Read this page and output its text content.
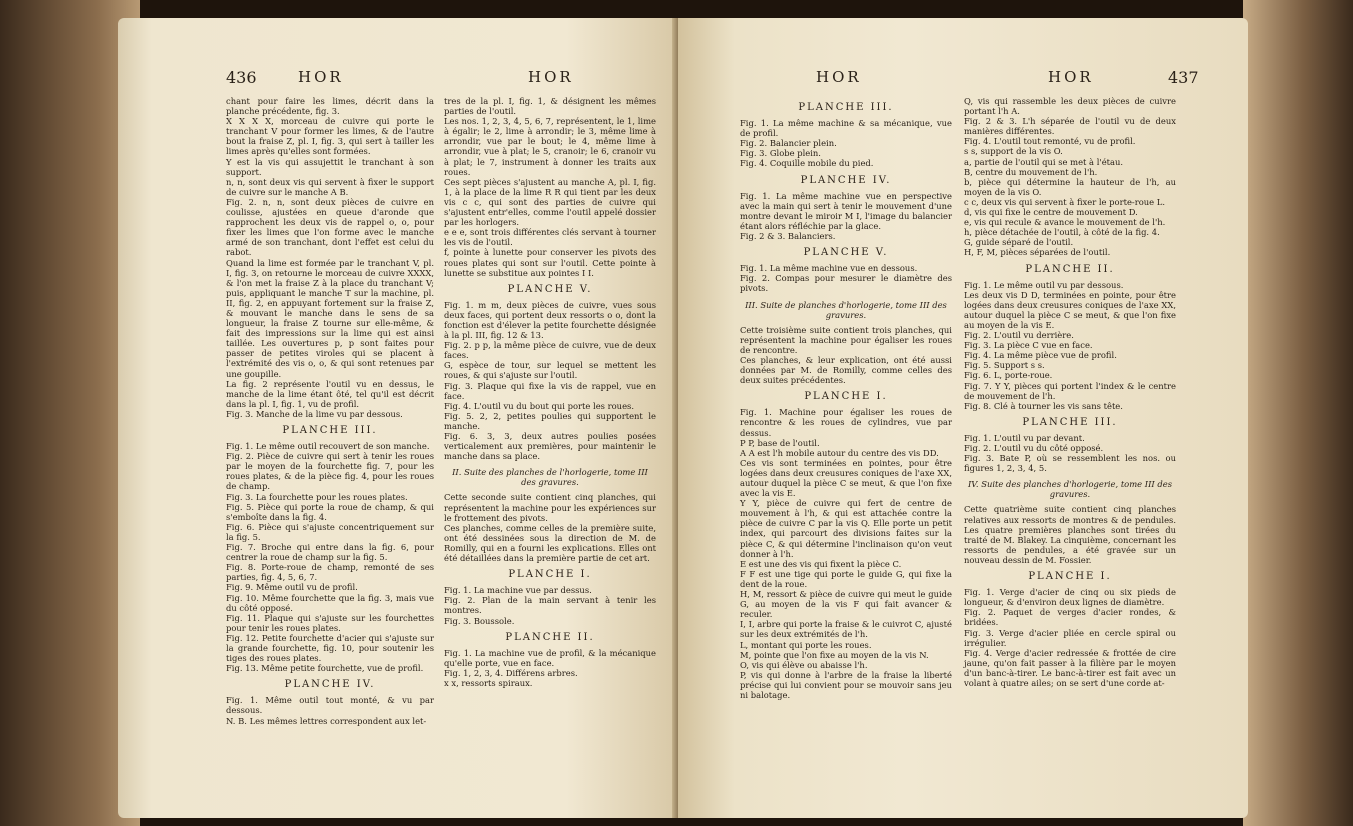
436	HOR	HOR

chant pour faire les limes, décrit dans la planche précédente, fig. 3.

X X X X, morceau de cuivre qui porte le tranchant V pour former les limes, & de l'autre bout la fraise Z, pl. I, fig. 3, qui sert à tailler les limes après qu'elles sont formées.

Y est la vis qui assujettit le tranchant à son support.

n, n, sont deux vis qui servent à fixer le support de cuivre sur le manche A B.

Fig. 2. n, n, sont deux pièces de cuivre en coulisse, ajustées en queue d'aronde que rapprochent les deux vis de rappel o, o, pour fixer les limes que l'on forme avec le manche armé de son tranchant, dont l'effet est celui du rabot.

Quand la lime est formée par le tranchant V, pl. I, fig. 3, on retourne le morceau de cuivre XXXX, & l'on met la fraise Z à la place du tranchant V; puis, appliquant le manche T sur la machine, pl. II, fig. 2, en appuyant fortement sur la fraise Z, & mouvant le manche dans le sens de sa longueur, la fraise Z tourne sur elle-même, & fait des impressions sur la lime qui est ainsi taillée. Les ouvertures p, p sont faites pour passer de petites viroles qui se placent à l'extrémité des vis o, o, & qui sont retenues par une goupille.

La fig. 2 représente l'outil vu en dessus, le manche de la lime étant ôté, tel qu'il est décrit dans la pl. I, fig. 1, vu de profil.

Fig. 3. Manche de la lime vu par dessous.

PLANCHE III.

Fig. 1. Le même outil recouvert de son manche.

Fig. 2. Pièce de cuivre qui sert à tenir les roues par le moyen de la fourchette fig. 7, pour les roues plates, & de la pièce fig. 4, pour les roues de champ.

Fig. 3. La fourchette pour les roues plates.

Fig. 5. Pièce qui porte la roue de champ, & qui s'emboîte dans la fig. 4.

Fig. 6. Pièce qui s'ajuste concentriquement sur la fig. 5.

Fig. 7. Broche qui entre dans la fig. 6, pour centrer la roue de champ sur la fig. 5.

Fig. 8. Porte-roue de champ, remonté de ses parties, fig. 4, 5, 6, 7.

Fig. 9. Même outil vu de profil.

Fig. 10. Même fourchette que la fig. 3, mais vue du côté opposé.

Fig. 11. Plaque qui s'ajuste sur les fourchettes pour tenir les roues plates.

Fig. 12. Petite fourchette d'acier qui s'ajuste sur la grande fourchette, fig. 10, pour soutenir les tiges des roues plates.

Fig. 13. Même petite fourchette, vue de profil.

PLANCHE IV.

Fig. 1. Même outil tout monté, & vu par dessous.

N. B. Les mêmes lettres correspondent aux let-

tres de la pl. I, fig. 1, & désignent les mêmes parties de l'outil.

Les nos. 1, 2, 3, 4, 5, 6, 7, représentent, le 1, lime à égalir; le 2, lime à arrondir; le 3, même lime à arrondir, vue par le bout; le 4, même lime à arrondir, vue à plat; le 5, cranoir; le 6, cranoir vu à plat; le 7, instrument à donner les traits aux roues.

Ces sept pièces s'ajustent au manche A, pl. I, fig. 1, à la place de la lime R R qui tient par les deux vis c c, qui sont des parties de cuivre qui s'ajustent entr'elles, comme l'outil appelé dossier par les horlogers.

e e e, sont trois différentes clés servant à tourner les vis de l'outil.

f, pointe à lunette pour conserver les pivots des roues plates qui sont sur l'outil. Cette pointe à lunette se substitue aux pointes I I.

PLANCHE V.

Fig. 1. m m, deux pièces de cuivre, vues sous deux faces, qui portent deux ressorts o o, dont la fonction est d'élever la petite fourchette désignée à la pl. III, fig. 12 & 13.

Fig. 2. p p, la même pièce de cuivre, vue de deux faces.

G, espèce de tour, sur lequel se mettent les roues, & qui s'ajuste sur l'outil.

Fig. 3. Plaque qui fixe la vis de rappel, vue en face.

Fig. 4. L'outil vu du bout qui porte les roues.

Fig. 5. 2, 2, petites poulies qui supportent le manche.

Fig. 6. 3, 3, deux autres poulies posées verticalement aux premières, pour maintenir le manche dans sa place.

II. Suite des planches de l'horlogerie, tome III des gravures.

Cette seconde suite contient cinq planches, qui représentent la machine pour les expériences sur le frottement des pivots.

Ces planches, comme celles de la première suite, ont été dessinées sous la direction de M. de Romilly, qui en a fourni les explications. Elles ont été détaillées dans la première partie de cet art.

PLANCHE I.

Fig. 1. La machine vue par dessus.

Fig. 2. Plan de la main servant à tenir les montres.

Fig. 3. Boussole.

PLANCHE II.

Fig. 1. La machine vue de profil, & la mécanique qu'elle porte, vue en face.

Fig. 1, 2, 3, 4. Différens arbres.

x x, ressorts spiraux.

HOR	HOR	437

PLANCHE III.

Fig. 1. La même machine & sa mécanique, vue de profil.

Fig. 2. Balancier plein.

Fig. 3. Globe plein.

Fig. 4. Coquille mobile du pied.

PLANCHE IV.

Fig. 1. La même machine vue en perspective avec la main qui sert à tenir le mouvement d'une montre devant le miroir M I, l'image du balancier étant alors réfléchie par la glace.

Fig. 2 & 3. Balanciers.

PLANCHE V.

Fig. 1. La même machine vue en dessous.

Fig. 2. Compas pour mesurer le diamètre des pivots.

III. Suite de planches d'horlogerie, tome III des gravures.

Cette troisième suite contient trois planches, qui représentent la machine pour égaliser les roues de rencontre.

Ces planches, & leur explication, ont été aussi données par M. de Romilly, comme celles des deux suites précédentes.

PLANCHE I.

Fig. 1. Machine pour égaliser les roues de rencontre & les roues de cylindres, vue par dessus.

P P, base de l'outil.

A A est l'h mobile autour du centre des vis DD.

Ces vis sont terminées en pointes, pour être logées dans deux creusures coniques de l'axe XX, autour duquel la pièce C se meut, & que l'on fixe avec la vis E.

Y Y, pièce de cuivre qui fert de centre de mouvement à l'h, & qui est attachée contre la pièce de cuivre C par la vis Q. Elle porte un petit index, qui parcourt des divisions faites sur la pièce C, & qui détermine l'inclinaison qu'on veut donner à l'h.

E est une des vis qui fixent la pièce C.

F F est une tige qui porte le guide G, qui fixe la dent de la roue.

H, M, ressort & pièce de cuivre qui meut le guide G, au moyen de la vis F qui fait avancer & reculer.

I, I, arbre qui porte la fraise & le cuivrot C, ajusté sur les deux extrémités de l'h.

L, montant qui porte les roues.

M, pointe que l'on fixe au moyen de la vis N.

O, vis qui élève ou abaisse l'h.

P, vis qui donne à l'arbre de la fraise la liberté précise qui lui convient pour se mouvoir sans jeu ni balotage.

Q, vis qui rassemble les deux pièces de cuivre portant l'h A.

Fig. 2 & 3. L'h séparée de l'outil vu de deux manières différentes.

Fig. 4. L'outil tout remonté, vu de profil.

s s, support de la vis O.

a, partie de l'outil qui se met à l'étau.

B, centre du mouvement de l'h.

b, pièce qui détermine la hauteur de l'h, au moyen de la vis O.

c c, deux vis qui servent à fixer le porte-roue L.

d, vis qui fixe le centre de mouvement D.

e, vis qui recule & avance le mouvement de l'h.

h, pièce détachée de l'outil, à côté de la fig. 4.

G, guide séparé de l'outil.

H, F, M, pièces séparées de l'outil.

PLANCHE II.

Fig. 1. Le même outil vu par dessous.

Les deux vis D D, terminées en pointe, pour être logées dans deux creusures coniques de l'axe XX, autour duquel la pièce C se meut, & que l'on fixe au moyen de la vis E.

Fig. 2. L'outil vu derrière.

Fig. 3. La pièce C vue en face.

Fig. 4. La même pièce vue de profil.

Fig. 5. Support s s.

Fig. 6. L, porte-roue.

Fig. 7. Y Y, pièces qui portent l'index & le centre de mouvement de l'h.

Fig. 8. Clé à tourner les vis sans tête.

PLANCHE III.

Fig. 1. L'outil vu par devant.

Fig. 2. L'outil vu du côté opposé.

Fig. 3. Bate P, où se ressemblent les nos. ou figures 1, 2, 3, 4, 5.

IV. Suite des planches d'horlogerie, tome III des gravures.

Cette quatrième suite contient cinq planches relatives aux ressorts de montres & de pendules. Les quatre premières planches sont tirées du traité de M. Blakey. La cinquième, concernant les ressorts de pendules, a été gravée sur un nouveau dessin de M. Fossier.

PLANCHE I.

Fig. 1. Verge d'acier de cinq ou six pieds de longueur, & d'environ deux lignes de diamètre.

Fig. 2. Paquet de verges d'acier rondes, & bridées.

Fig. 3. Verge d'acier pliée en cercle spiral ou irrégulier.

Fig. 4. Verge d'acier redressée & frottée de cire jaune, qu'on fait passer à la filière par le moyen d'un banc-à-tirer. Le banc-à-tirer est fait avec un volant à quatre ailes; on se sert d'une corde at-
